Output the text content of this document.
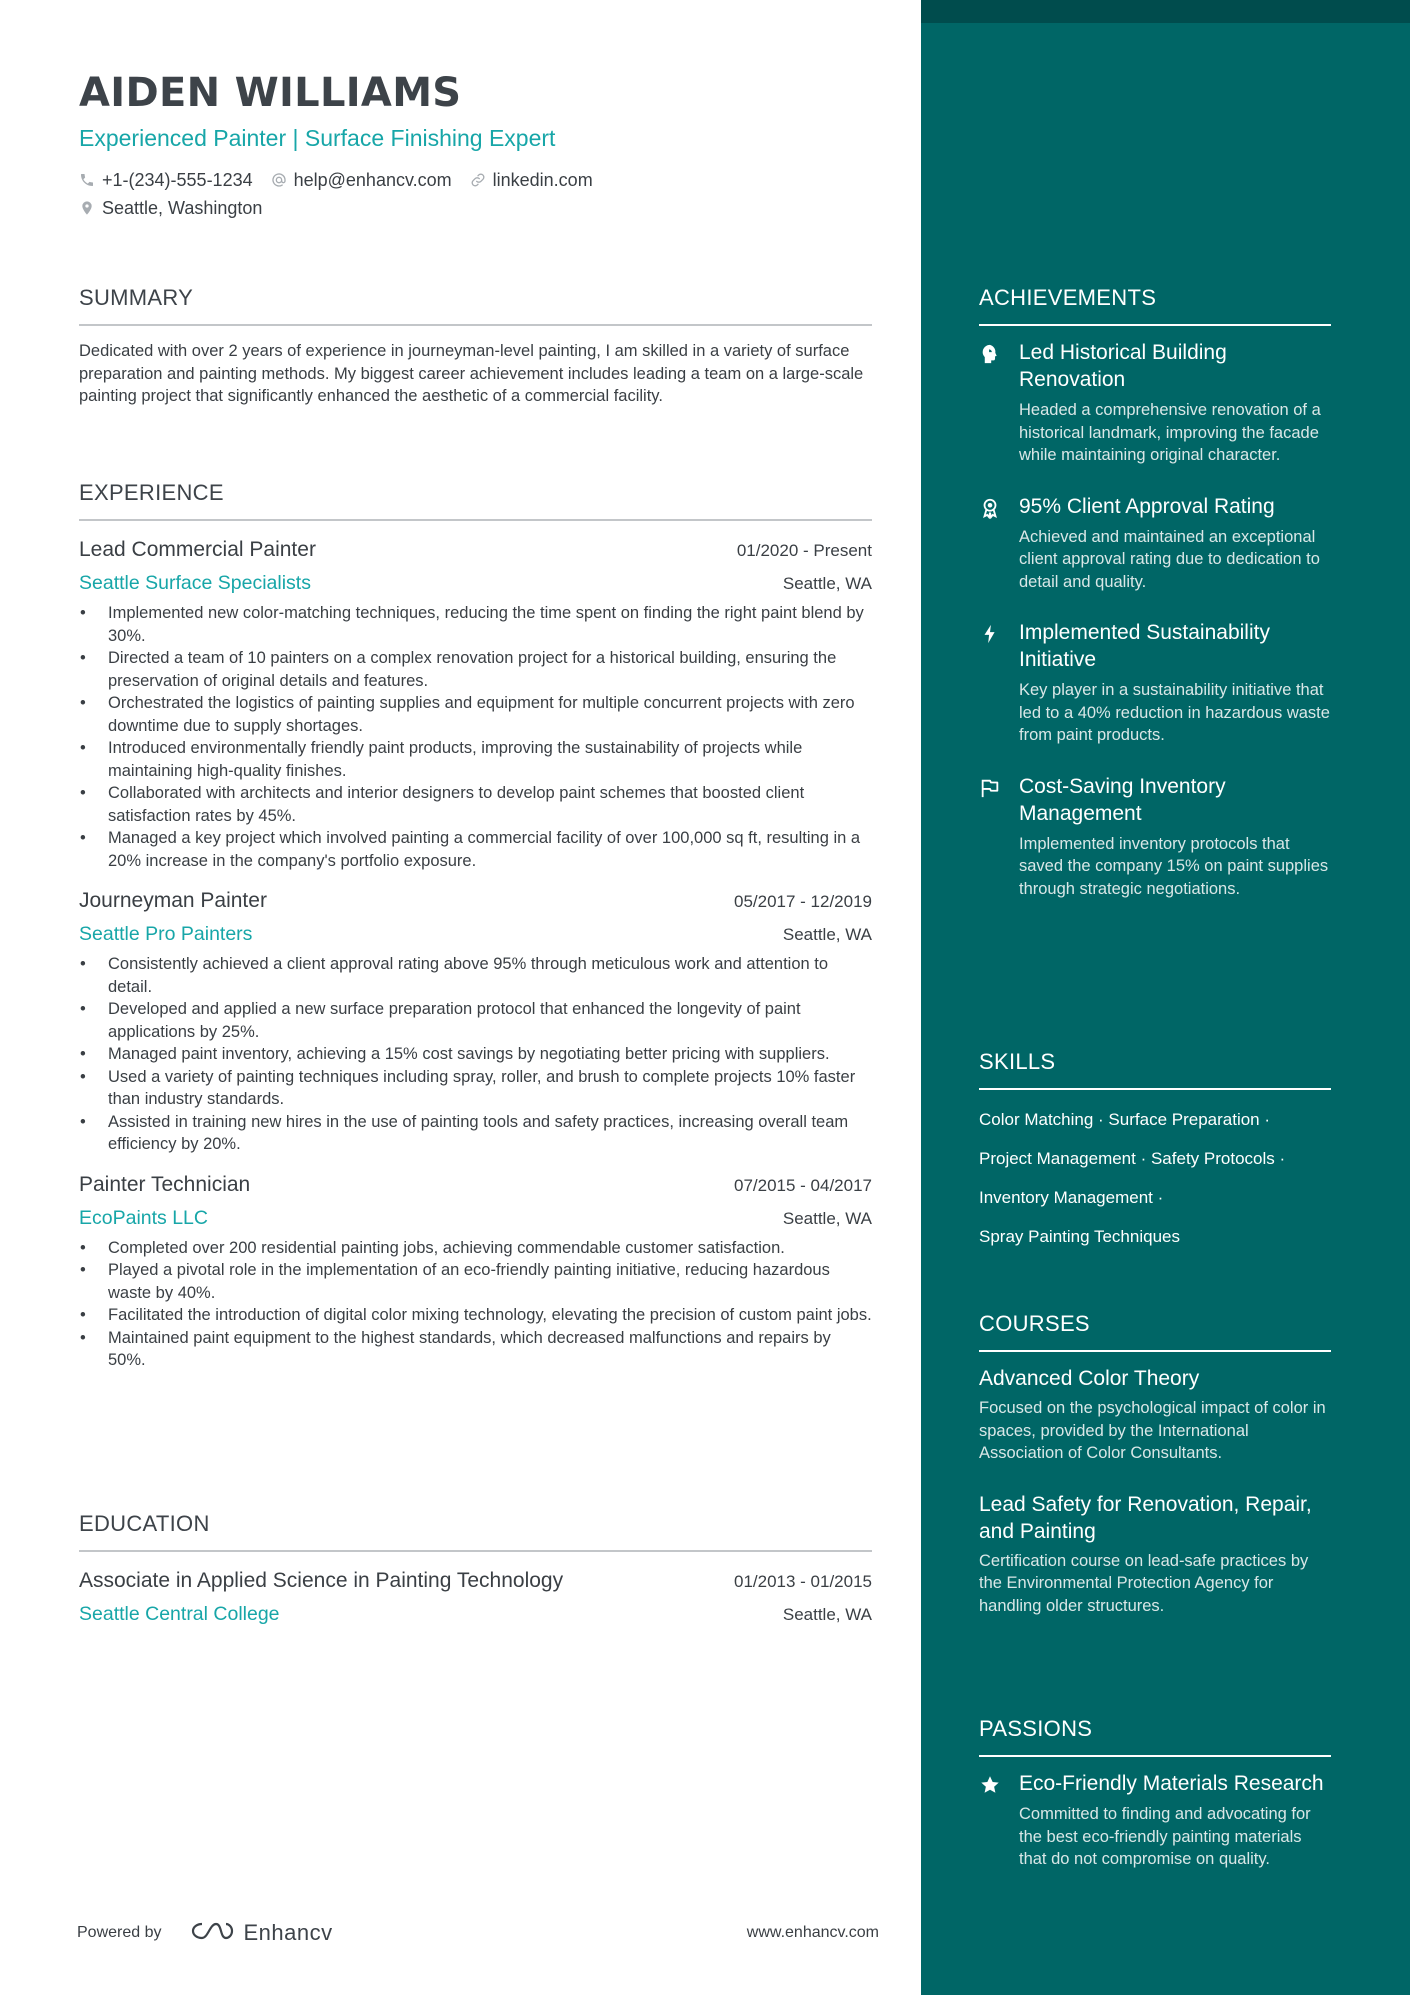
AIDEN WILLIAMS
Experienced Painter | Surface Finishing Expert
+1-(234)-555-1234 help@enhancv.com linkedin.com
Seattle, Washington
SUMMARY
Dedicated with over 2 years of experience in journeyman-level painting, I am skilled in a variety of surface preparation and painting methods. My biggest career achievement includes leading a team on a large-scale painting project that significantly enhanced the aesthetic of a commercial facility.
EXPERIENCE
Lead Commercial Painter	01/2020 - Present
Seattle Surface Specialists	Seattle, WA
• Implemented new color-matching techniques, reducing the time spent on finding the right paint blend by 30%.
• Directed a team of 10 painters on a complex renovation project for a historical building, ensuring the preservation of original details and features.
• Orchestrated the logistics of painting supplies and equipment for multiple concurrent projects with zero downtime due to supply shortages.
• Introduced environmentally friendly paint products, improving the sustainability of projects while maintaining high-quality finishes.
• Collaborated with architects and interior designers to develop paint schemes that boosted client satisfaction rates by 45%.
• Managed a key project which involved painting a commercial facility of over 100,000 sq ft, resulting in a 20% increase in the company's portfolio exposure.
Journeyman Painter	05/2017 - 12/2019
Seattle Pro Painters	Seattle, WA
• Consistently achieved a client approval rating above 95% through meticulous work and attention to detail.
• Developed and applied a new surface preparation protocol that enhanced the longevity of paint applications by 25%.
• Managed paint inventory, achieving a 15% cost savings by negotiating better pricing with suppliers.
• Used a variety of painting techniques including spray, roller, and brush to complete projects 10% faster than industry standards.
• Assisted in training new hires in the use of painting tools and safety practices, increasing overall team efficiency by 20%.
Painter Technician	07/2015 - 04/2017
EcoPaints LLC	Seattle, WA
• Completed over 200 residential painting jobs, achieving commendable customer satisfaction.
• Played a pivotal role in the implementation of an eco-friendly painting initiative, reducing hazardous waste by 40%.
• Facilitated the introduction of digital color mixing technology, elevating the precision of custom paint jobs.
• Maintained paint equipment to the highest standards, which decreased malfunctions and repairs by 50%.
EDUCATION
Associate in Applied Science in Painting Technology	01/2013 - 01/2015
Seattle Central College	Seattle, WA
Powered by	Enhancv	www.enhancv.com
ACHIEVEMENTS
Led Historical Building Renovation
Headed a comprehensive renovation of a historical landmark, improving the facade while maintaining original character.
95% Client Approval Rating
Achieved and maintained an exceptional client approval rating due to dedication to detail and quality.
Implemented Sustainability Initiative
Key player in a sustainability initiative that led to a 40% reduction in hazardous waste from paint products.
Cost-Saving Inventory Management
Implemented inventory protocols that saved the company 15% on paint supplies through strategic negotiations.
SKILLS
Color Matching · Surface Preparation ·
Project Management · Safety Protocols ·
Inventory Management ·
Spray Painting Techniques
COURSES
Advanced Color Theory
Focused on the psychological impact of color in spaces, provided by the International Association of Color Consultants.
Lead Safety for Renovation, Repair, and Painting
Certification course on lead-safe practices by the Environmental Protection Agency for handling older structures.
PASSIONS
Eco-Friendly Materials Research
Committed to finding and advocating for the best eco-friendly painting materials that do not compromise on quality.
